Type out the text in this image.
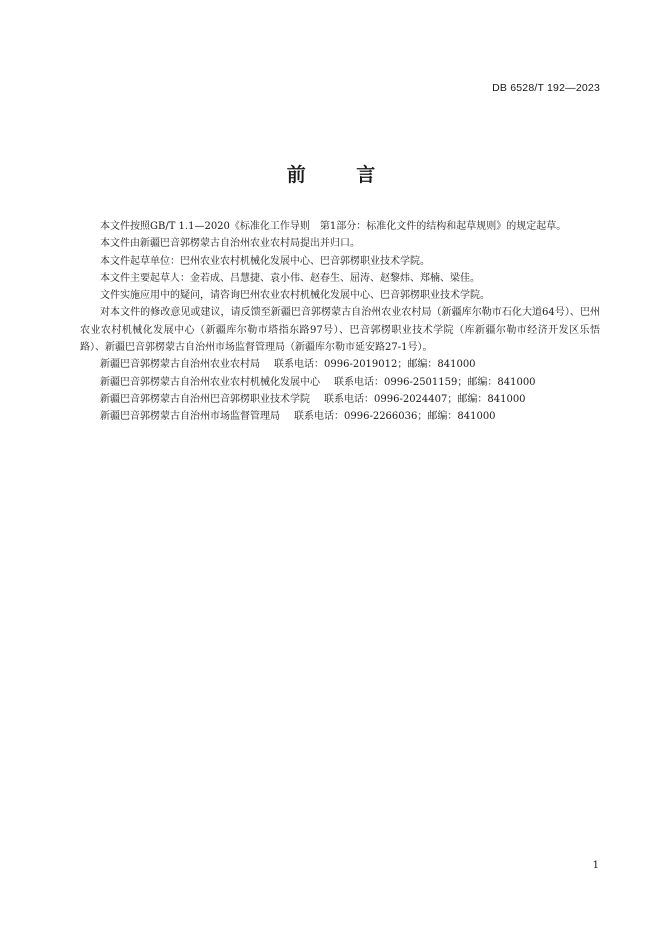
DB 6528/T 192—2023
前 言

本文件按照GB/T 1.1—2020《标准化工作导则　第1部分：标准化文件的结构和起草规则》的规定起草。

本文件由新疆巴音郭楞蒙古自治州农业农村局提出并归口。

本文件起草单位：巴州农业农村机械化发展中心、巴音郭楞职业技术学院。

本文件主要起草人：金若成、吕慧捷、袁小伟、赵春生、屈涛、赵黎炜、郑楠、梁佳。

文件实施应用中的疑问，请咨询巴州农业农村机械化发展中心、巴音郭楞职业技术学院。

对本文件的修改意见或建议，请反馈至新疆巴音郭楞蒙古自治州农业农村局（新疆库尔勒市石化大道64号）、巴州农业农村机械化发展中心（新疆库尔勒市塔指东路97号）、巴音郭楞职业技术学院（库新疆尔勒市经济开发区乐悟路）、新疆巴音郭楞蒙古自治州市场监督管理局（新疆库尔勒市延安路27-1号）。

新疆巴音郭楞蒙古自治州农业农村局 联系电话：0996-2019012；邮编：841000

新疆巴音郭楞蒙古自治州农业农村机械化发展中心 联系电话：0996-2501159；邮编：841000

新疆巴音郭楞蒙古自治州巴音郭楞职业技术学院 联系电话：0996-2024407；邮编：841000

新疆巴音郭楞蒙古自治州市场监督管理局 联系电话：0996-2266036；邮编：841000

1
